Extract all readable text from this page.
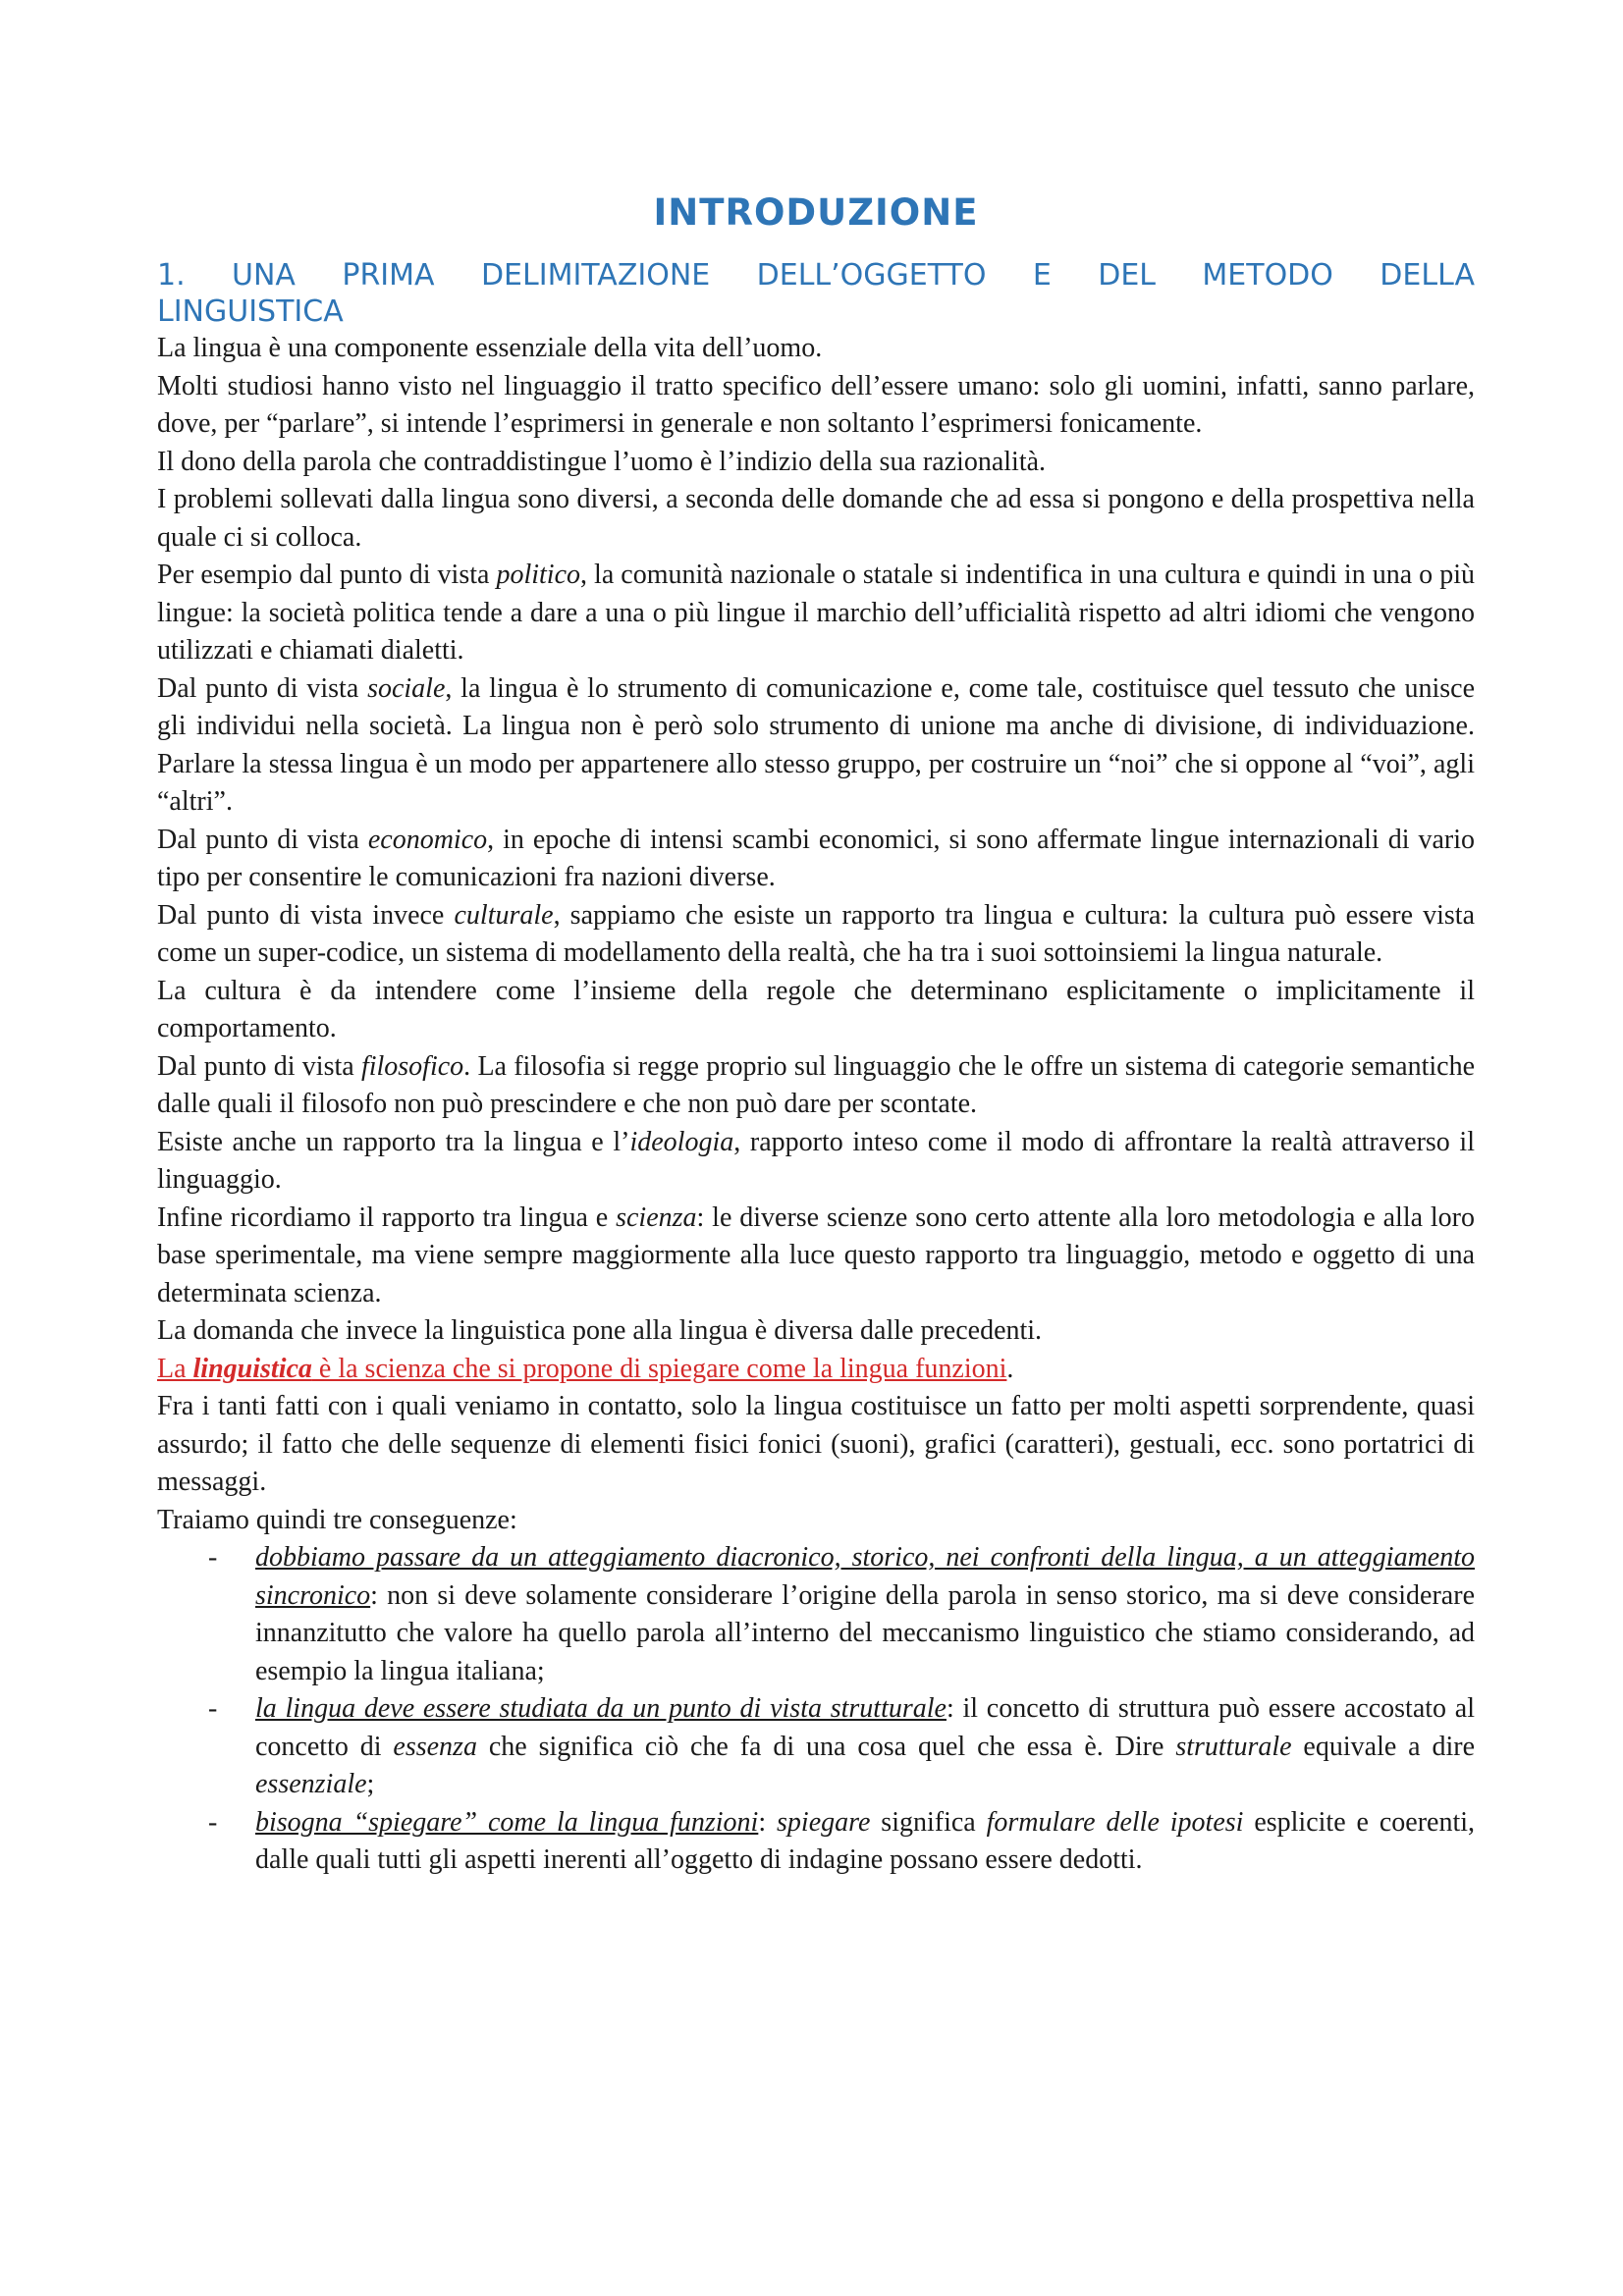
INTRODUZIONE
1. UNA PRIMA DELIMITAZIONE DELL’OGGETTO E DEL METODO DELLA
LINGUISTICA

La lingua è una componente essenziale della vita dell’uomo.

Molti studiosi hanno visto nel linguaggio il tratto specifico dell’essere umano: solo gli uomini, infatti, sanno parlare, dove, per “parlare”, si intende l’esprimersi in generale e non soltanto l’esprimersi fonicamente.

Il dono della parola che contraddistingue l’uomo è l’indizio della sua razionalità.

I problemi sollevati dalla lingua sono diversi, a seconda delle domande che ad essa si pongono e della prospettiva nella quale ci si colloca.

Per esempio dal punto di vista politico, la comunità nazionale o statale si indentifica in una cultura e quindi in una o più lingue: la società politica tende a dare a una o più lingue il marchio dell’ufficialità rispetto ad altri idiomi che vengono utilizzati e chiamati dialetti.

Dal punto di vista sociale, la lingua è lo strumento di comunicazione e, come tale, costituisce quel tessuto che unisce gli individui nella società. La lingua non è però solo strumento di unione ma anche di divisione, di individuazione. Parlare la stessa lingua è un modo per appartenere allo stesso gruppo, per costruire un “noi” che si oppone al “voi”, agli “altri”.

Dal punto di vista economico, in epoche di intensi scambi economici, si sono affermate lingue internazionali di vario tipo per consentire le comunicazioni fra nazioni diverse.

Dal punto di vista invece culturale, sappiamo che esiste un rapporto tra lingua e cultura: la cultura può essere vista come un super-codice, un sistema di modellamento della realtà, che ha tra i suoi sottoinsiemi la lingua naturale.

La cultura è da intendere come l’insieme della regole che determinano esplicitamente o implicitamente il comportamento.

Dal punto di vista filosofico. La filosofia si regge proprio sul linguaggio che le offre un sistema di categorie semantiche dalle quali il filosofo non può prescindere e che non può dare per scontate.

Esiste anche un rapporto tra la lingua e l’ideologia, rapporto inteso come il modo di affrontare la realtà attraverso il linguaggio.

Infine ricordiamo il rapporto tra lingua e scienza: le diverse scienze sono certo attente alla loro metodologia e alla loro base sperimentale, ma viene sempre maggiormente alla luce questo rapporto tra linguaggio, metodo e oggetto di una determinata scienza.

La domanda che invece la linguistica pone alla lingua è diversa dalle precedenti.

La linguistica è la scienza che si propone di spiegare come la lingua funzioni.

Fra i tanti fatti con i quali veniamo in contatto, solo la lingua costituisce un fatto per molti aspetti sorprendente, quasi assurdo; il fatto che delle sequenze di elementi fisici fonici (suoni), grafici (caratteri), gestuali, ecc. sono portatrici di messaggi.

Traiamo quindi tre conseguenze:

- dobbiamo passare da un atteggiamento diacronico, storico, nei confronti della lingua, a un atteggiamento sincronico: non si deve solamente considerare l’origine della parola in senso storico, ma si deve considerare innanzitutto che valore ha quello parola all’interno del meccanismo linguistico che stiamo considerando, ad esempio la lingua italiana;
- la lingua deve essere studiata da un punto di vista strutturale: il concetto di struttura può essere accostato al concetto di essenza che significa ciò che fa di una cosa quel che essa è. Dire strutturale equivale a dire essenziale;
- bisogna “spiegare” come la lingua funzioni: spiegare significa formulare delle ipotesi esplicite e coerenti, dalle quali tutti gli aspetti inerenti all’oggetto di indagine possano essere dedotti.
